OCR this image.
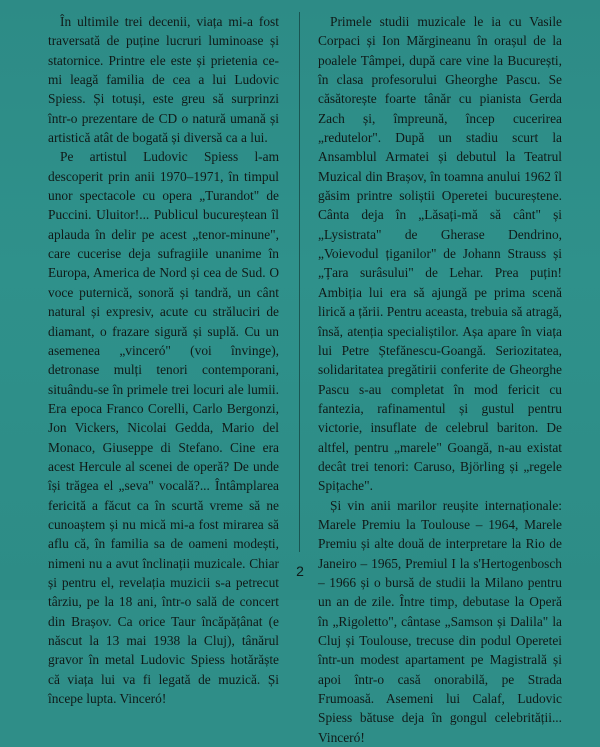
În ultimile trei decenii, viața mi-a fost traversată de puține lucruri luminoase și statornice. Printre ele este și prietenia ce-mi leagă familia de cea a lui Ludovic Spiess. Și totuși, este greu să surprinzi într-o prezentare de CD o natură umană și artistică atât de bogată și diversă ca a lui.

Pe artistul Ludovic Spiess l-am descoperit prin anii 1970–1971, în timpul unor spectacole cu opera „Turandot" de Puccini. Uluitor!... Publicul bucureștean îl aplauda în delir pe acest „tenor-minune", care cucerise deja sufragiile unanime în Europa, America de Nord și cea de Sud. O voce puternică, sonoră și tandră, un cânt natural și expresiv, acute cu străluciri de diamant, o frazare sigură și suplă. Cu un asemenea „vinceró" (voi învinge), detronase mulți tenori contemporani, situându-se în primele trei locuri ale lumii. Era epoca Franco Corelli, Carlo Bergonzi, Jon Vickers, Nicolai Gedda, Mario del Monaco, Giuseppe di Stefano. Cine era acest Hercule al scenei de operă? De unde își trăgea el „seva" vocală?... Întâmplarea fericită a făcut ca în scurtă vreme să ne cunoaștem și nu mică mi-a fost mirarea să aflu că, în familia sa de oameni modești, nimeni nu a avut înclinații muzicale. Chiar și pentru el, revelația muzicii s-a petrecut târziu, pe la 18 ani, într-o sală de concert din Brașov. Ca orice Taur încăpățânat (e născut la 13 mai 1938 la Cluj), tânărul gravor în metal Ludovic Spiess hotărăște că viața lui va fi legată de muzică. Și începe lupta. Vinceró!

Primele studii muzicale le ia cu Vasile Corpaci și Ion Mărgineanu în orașul de la poalele Tâmpei, după care vine la București, în clasa profesorului Gheorghe Pascu. Se căsătorește foarte tânăr cu pianista Gerda Zach și, împreună, încep cucerirea „redutelor". După un stadiu scurt la Ansamblul Armatei și debutul la Teatrul Muzical din Brașov, în toamna anului 1962 îl găsim printre soliștii Operetei bucureștene. Cânta deja în „Lăsați-mă să cânt" și „Lysistrata" de Gherase Dendrino, „Voievodul țiganilor" de Johann Strauss și „Țara surâsului" de Lehar. Prea puțin! Ambiția lui era să ajungă pe prima scenă lirică a țării. Pentru aceasta, trebuia să atragă, însă, atenția specialiștilor. Așa apare în viața lui Petre Ștefănescu-Goangă. Seriozitatea, solidaritatea pregătirii conferite de Gheorghe Pascu s-au completat în mod fericit cu fantezia, rafinamentul și gustul pentru victorie, insuflate de celebrul bariton. De altfel, pentru „marele" Goangă, n-au existat decât trei tenori: Caruso, Björling și „regele Spițache".

Și vin anii marilor reușite internaționale: Marele Premiu la Toulouse – 1964, Marele Premiu și alte două de interpretare la Rio de Janeiro – 1965, Premiul I la s'Hertogenbosch – 1966 și o bursă de studii la Milano pentru un an de zile. Între timp, debutase la Operă în „Rigoletto", cântase „Samson și Dalila" la Cluj și Toulouse, trecuse din podul Operetei într-un modest apartament pe Magistrală și apoi într-o casă onorabilă, pe Strada Frumoasă. Asemeni lui Calaf, Ludovic Spiess bătuse deja în gongul celebrității... Vinceró!

2
